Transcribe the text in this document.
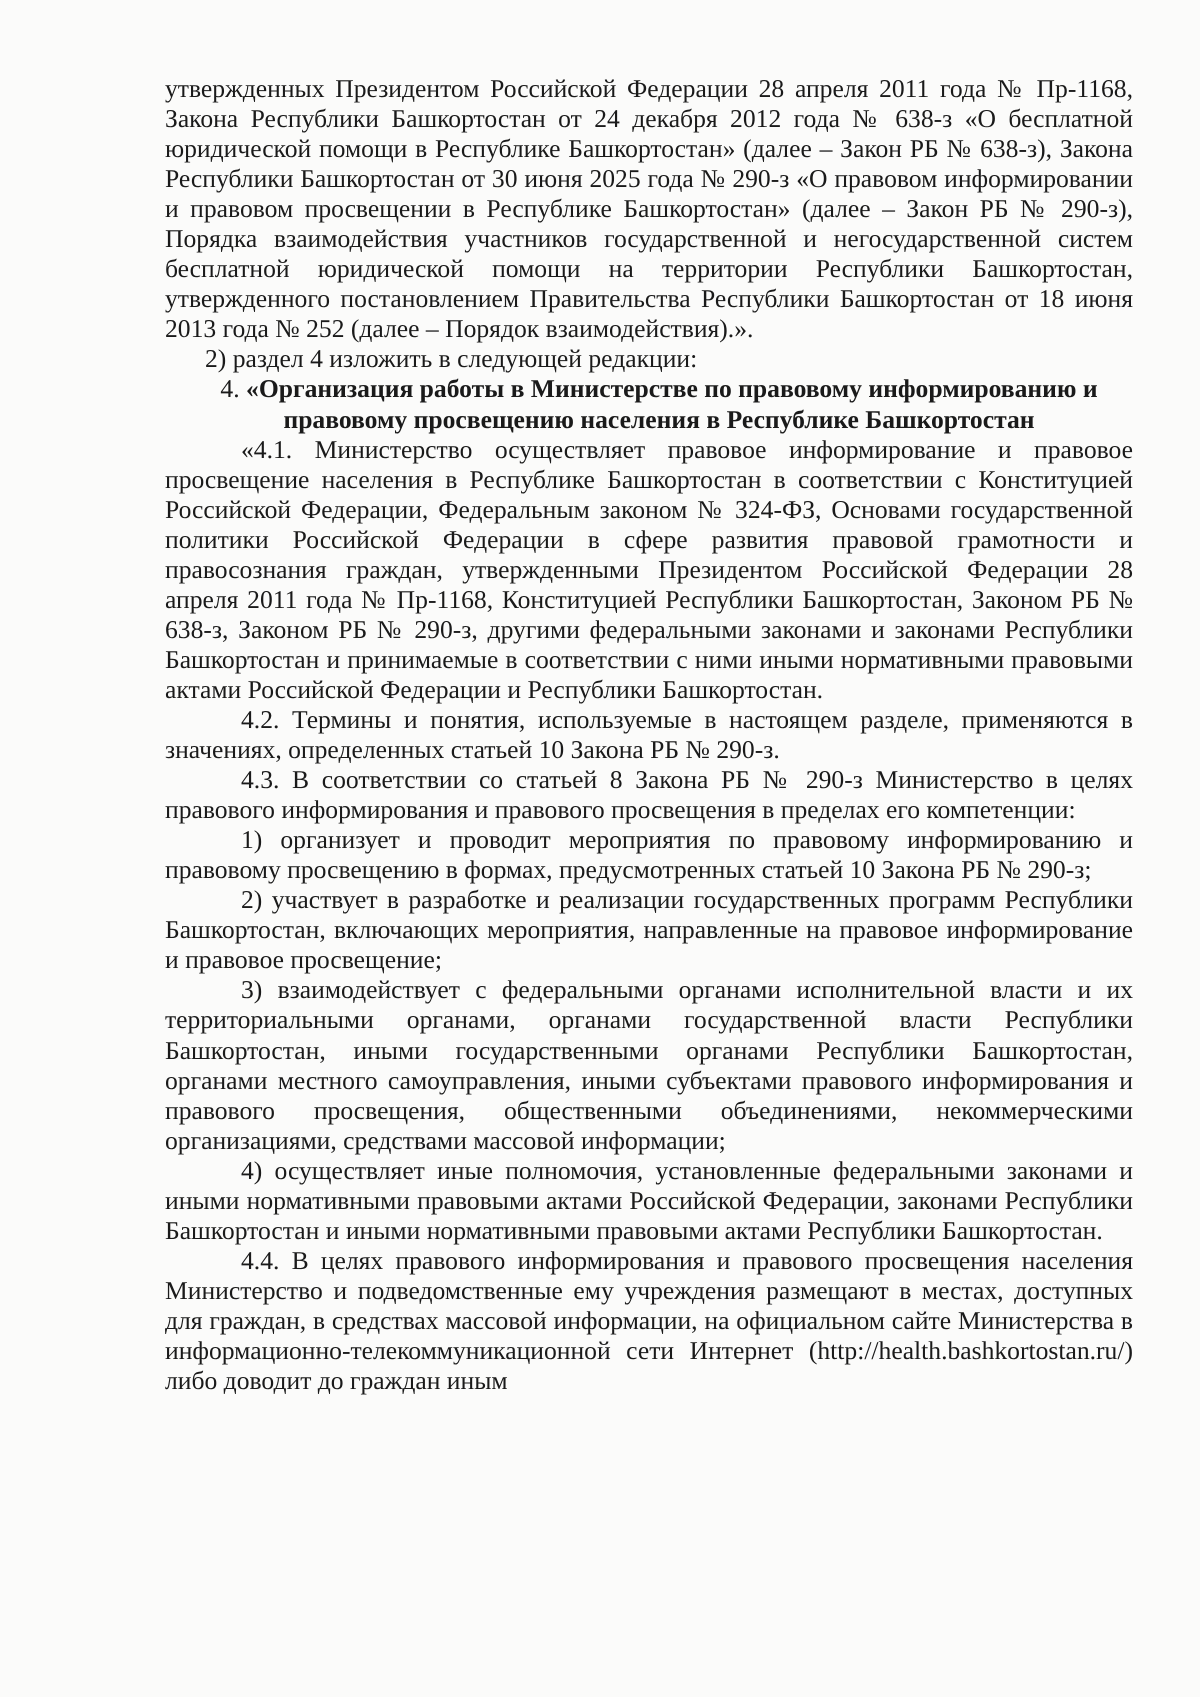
утвержденных Президентом Российской Федерации 28 апреля 2011 года № Пр-1168, Закона Республики Башкортостан от 24 декабря 2012 года № 638-з «О бесплатной юридической помощи в Республике Башкортостан» (далее – Закон РБ № 638-з), Закона Республики Башкортостан от 30 июня 2025 года № 290-з «О правовом информировании и правовом просвещении в Республике Башкортостан» (далее – Закон РБ № 290-з), Порядка взаимодействия участников государственной и негосударственной систем бесплатной юридической помощи на территории Республики Башкортостан, утвержденного постановлением Правительства Республики Башкортостан от 18 июня 2013 года № 252 (далее – Порядок взаимодействия).».

2) раздел 4 изложить в следующей редакции:

4. «Организация работы в Министерстве по правовому информированию и правовому просвещению населения в Республике Башкортостан

«4.1. Министерство осуществляет правовое информирование и правовое просвещение населения в Республике Башкортостан в соответствии с Конституцией Российской Федерации, Федеральным законом № 324-ФЗ, Основами государственной политики Российской Федерации в сфере развития правовой грамотности и правосознания граждан, утвержденными Президентом Российской Федерации 28 апреля 2011 года № Пр-1168, Конституцией Республики Башкортостан, Законом РБ № 638-з, Законом РБ № 290-з, другими федеральными законами и законами Республики Башкортостан и принимаемые в соответствии с ними иными нормативными правовыми актами Российской Федерации и Республики Башкортостан.

4.2. Термины и понятия, используемые в настоящем разделе, применяются в значениях, определенных статьей 10 Закона РБ № 290-з.

4.3. В соответствии со статьей 8 Закона РБ № 290-з Министерство в целях правового информирования и правового просвещения в пределах его компетенции:

1) организует и проводит мероприятия по правовому информированию и правовому просвещению в формах, предусмотренных статьей 10 Закона РБ № 290-з;

2) участвует в разработке и реализации государственных программ Республики Башкортостан, включающих мероприятия, направленные на правовое информирование и правовое просвещение;

3) взаимодействует с федеральными органами исполнительной власти и их территориальными органами, органами государственной власти Республики Башкортостан, иными государственными органами Республики Башкортостан, органами местного самоуправления, иными субъектами правового информирования и правового просвещения, общественными объединениями, некоммерческими организациями, средствами массовой информации;

4) осуществляет иные полномочия, установленные федеральными законами и иными нормативными правовыми актами Российской Федерации, законами Республики Башкортостан и иными нормативными правовыми актами Республики Башкортостан.

4.4. В целях правового информирования и правового просвещения населения Министерство и подведомственные ему учреждения размещают в местах, доступных для граждан, в средствах массовой информации, на официальном сайте Министерства в информационно-телекоммуникационной сети Интернет (http://health.bashkortostan.ru/) либо доводит до граждан иным
